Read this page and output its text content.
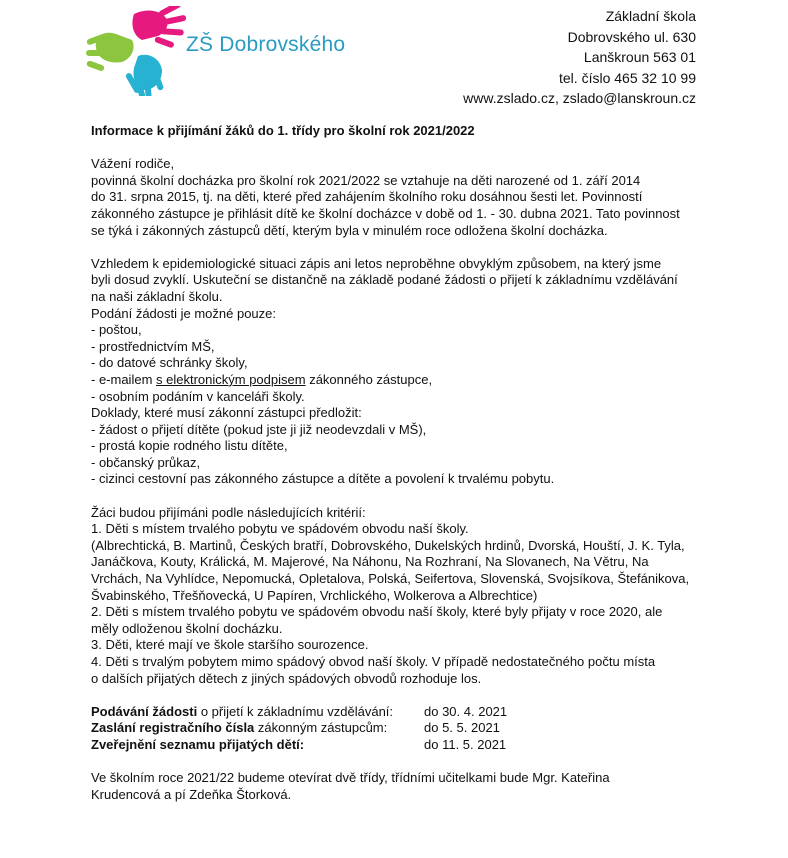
ZŠ Dobrovského
Základní škola
Dobrovského ul. 630
Lanškroun 563 01
tel. číslo 465 32 10 99
www.zslado.cz, zslado@lanskroun.cz
Informace k přijímání žáků do 1. třídy pro školní rok 2021/2022
Vážení rodiče,
povinná školní docházka pro školní rok 2021/2022 se vztahuje na děti narozené od 1. září 2014
do 31. srpna 2015, tj. na děti, které před zahájením školního roku dosáhnou šesti let. Povinností
zákonného zástupce je přihlásit dítě ke školní docházce v době od 1. - 30. dubna 2021. Tato povinnost
se týká i zákonných zástupců dětí, kterým byla v minulém roce odložena školní docházka.
Vzhledem k epidemiologické situaci zápis ani letos neproběhne obvyklým způsobem, na který jsme
byli dosud zvyklí. Uskuteční se distančně na základě podané žádosti o přijetí k základnímu vzdělávání
na naši základní školu.
Podání žádosti je možné pouze:
- poštou,
- prostřednictvím MŠ,
- do datové schránky školy,
- e-mailem s elektronickým podpisem zákonného zástupce,
- osobním podáním v kanceláři školy.
Doklady, které musí zákonní zástupci předložit:
- žádost o přijetí dítěte (pokud jste ji již neodevzdali v MŠ),
- prostá kopie rodného listu dítěte,
- občanský průkaz,
- cizinci cestovní pas zákonného zástupce a dítěte a povolení k trvalému pobytu.
Žáci budou přijímáni podle následujících kritérií:
1. Děti s místem trvalého pobytu ve spádovém obvodu naší školy.
(Albrechtická, B. Martinů, Českých bratří, Dobrovského, Dukelských hrdinů, Dvorská, Houští, J. K. Tyla,
Janáčkova, Kouty, Králická, M. Majerové, Na Náhonu, Na Rozhraní, Na Slovanech, Na Větru, Na
Vrchách, Na Vyhlídce, Nepomucká, Opletalova, Polská, Seifertova, Slovenská, Svojsíkova, Štefánikova,
Švabinského, Třešňovecká, U Papíren, Vrchlického, Wolkerova a Albrechtice)
2. Děti s místem trvalého pobytu ve spádovém obvodu naší školy, které byly přijaty v roce 2020, ale
měly odloženou školní docházku.
3. Děti, které mají ve škole staršího sourozence.
4. Děti s trvalým pobytem mimo spádový obvod naší školy. V případě nedostatečného počtu místa
o dalších přijatých dětech z jiných spádových obvodů rozhoduje los.
Podávání žádosti o přijetí k základnímu vzdělávání:	do 30. 4. 2021
Zaslání registračního čísla zákonným zástupcům:	do 5. 5. 2021
Zveřejnění seznamu přijatých dětí:	do 11. 5. 2021
Ve školním roce 2021/22 budeme otevírat dvě třídy, třídními učitelkami bude Mgr. Kateřina
Krudencová a pí Zdeňka Štorková.
